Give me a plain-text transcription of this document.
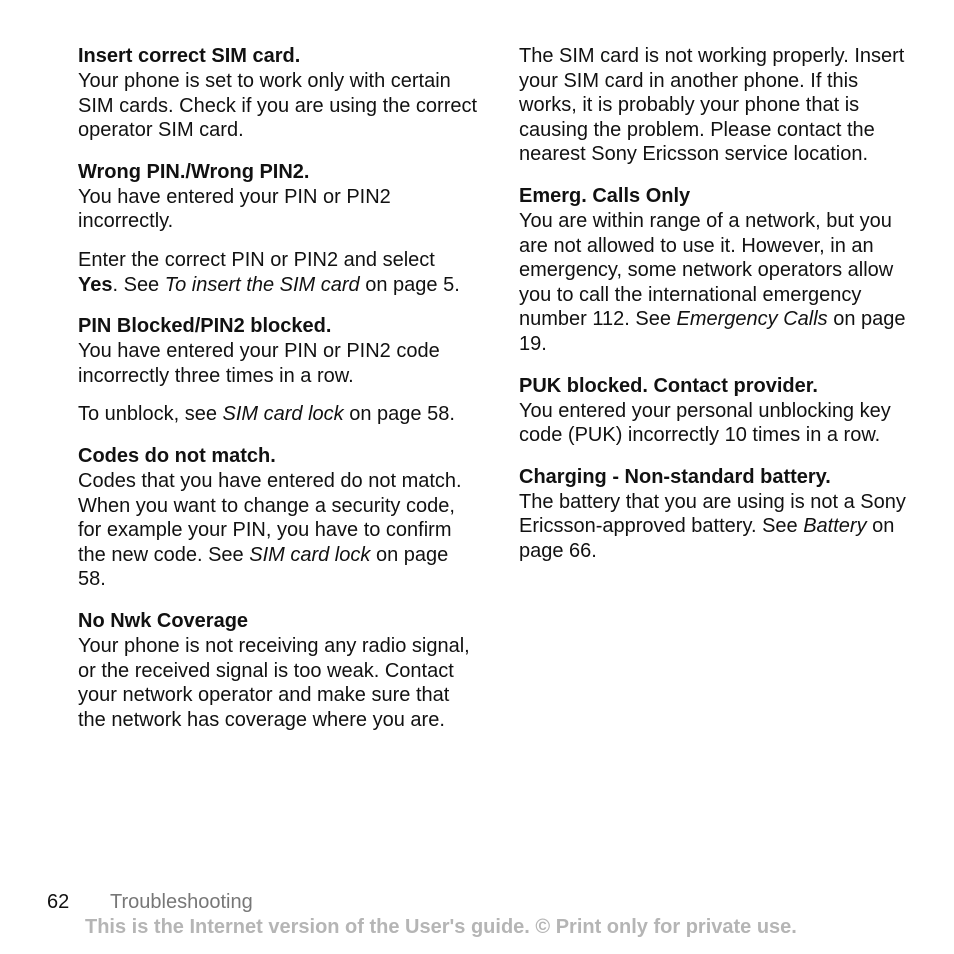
Insert correct SIM card.

Your phone is set to work only with certain SIM cards. Check if you are using the correct operator SIM card.

Wrong PIN./Wrong PIN2.

You have entered your PIN or PIN2 incorrectly.

Enter the correct PIN or PIN2 and select Yes. See To insert the SIM card on page 5.

PIN Blocked/PIN2 blocked.

You have entered your PIN or PIN2 code incorrectly three times in a row.

To unblock, see SIM card lock on page 58.

Codes do not match.

Codes that you have entered do not match. When you want to change a security code, for example your PIN, you have to confirm the new code. See SIM card lock on page 58.

No Nwk Coverage

Your phone is not receiving any radio signal, or the received signal is too weak. Contact your network operator and make sure that the network has coverage where you are.

The SIM card is not working properly. Insert your SIM card in another phone. If this works, it is probably your phone that is causing the problem. Please contact the nearest Sony Ericsson service location.

Emerg. Calls Only

You are within range of a network, but you are not allowed to use it. However, in an emergency, some network operators allow you to call the international emergency number 112. See Emergency Calls on page 19.

PUK blocked. Contact provider.

You entered your personal unblocking key code (PUK) incorrectly 10 times in a row.

Charging - Non-standard battery.

The battery that you are using is not a Sony Ericsson-approved battery. See Battery on page 66.

62 Troubleshooting
This is the Internet version of the User's guide. © Print only for private use.
